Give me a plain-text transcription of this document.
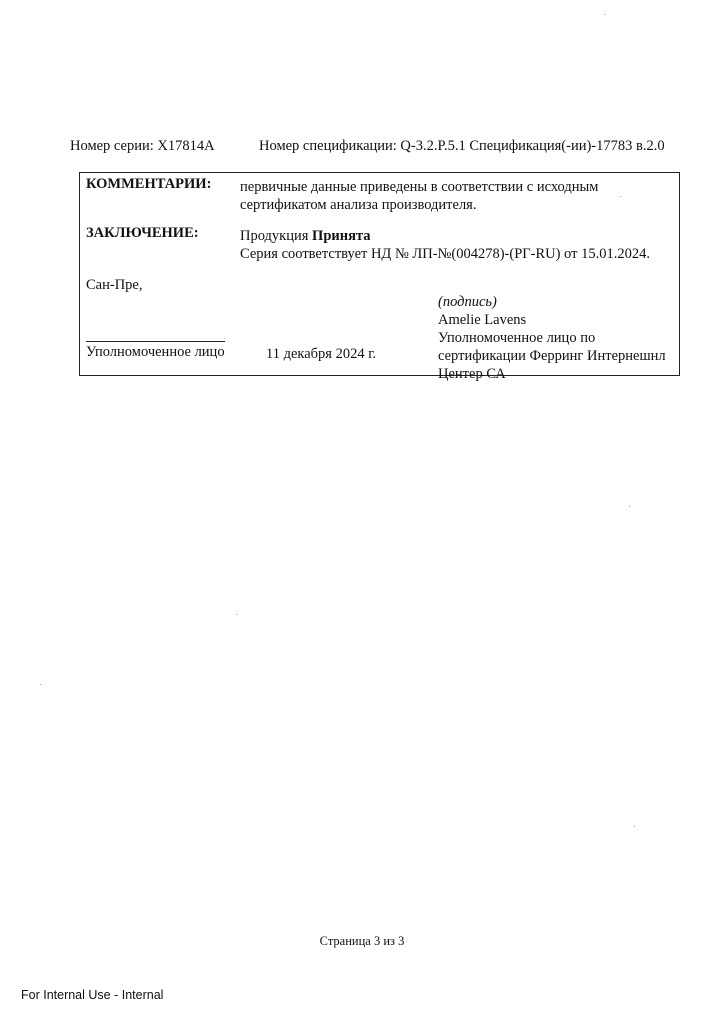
Номер серии: X17814A	Номер спецификации: Q-3.2.P.5.1 Спецификация(-ии)-17783 в.2.0
КОММЕНТАРИИ: первичные данные приведены в соответствии с исходным
сертификатом анализа производителя.
ЗАКЛЮЧЕНИЕ:	Продукция Принята
Серия соответствует НД № ЛП-№(004278)-(РГ-RU) от 15.01.2024.
Сан-Пре,
(подпись)
Amelie Lavens
Уполномоченное лицо по
сертификации Ферринг Интернешнл
Центер СА
Уполномоченное лицо	11 декабря 2024 г.
Страница 3 из 3
For Internal Use - Internal
